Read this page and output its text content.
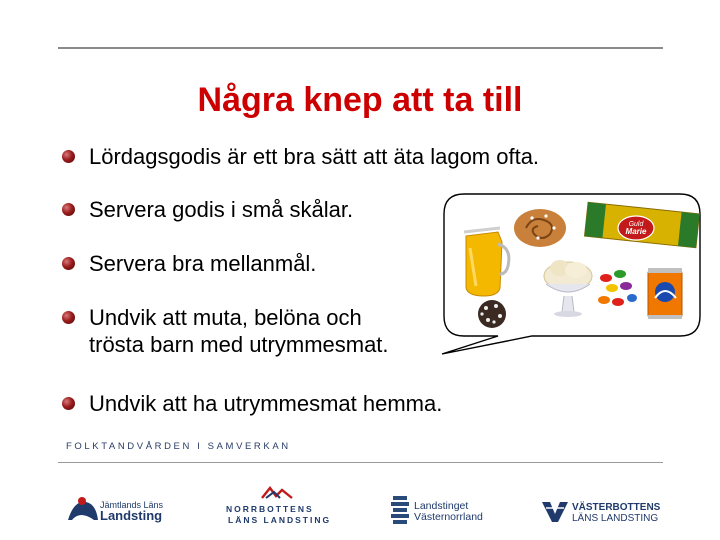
Några knep att ta till
Lördagsgodis är ett bra sätt att äta lagom ofta.
Servera godis i små skålar.
Servera bra mellanmål.
Undvik att muta, belöna och trösta barn med utrymmesmat.
Undvik att ha utrymmesmat hemma.
Guld
Marie
FOLKTANDVÅRDEN I SAMVERKAN
Jämtlands Läns
Landsting	NORRBOTTENS
LÄNS LANDSTING
Landstinget
Västernorrland
VÄSTERBOTTENS
LÄNS LANDSTING
